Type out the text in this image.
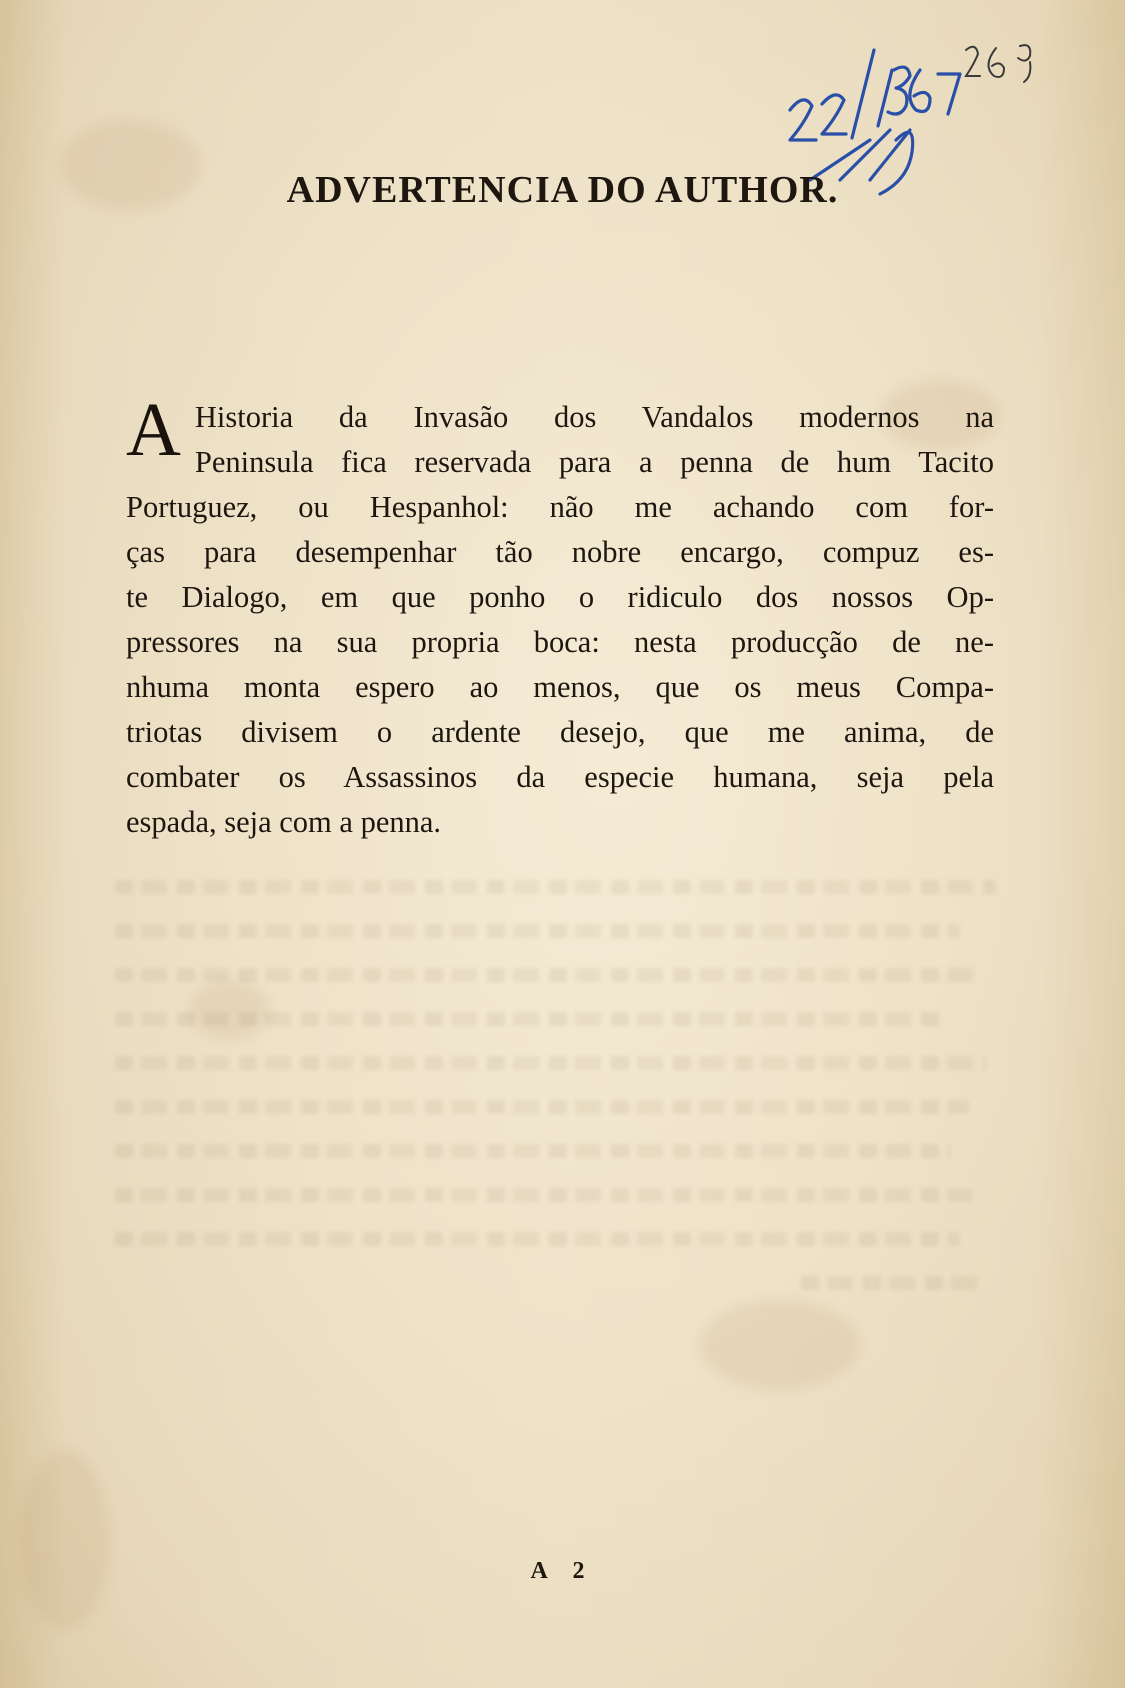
ADVERTENCIA DO AUTHOR.
A Historia da Invasão dos Vandalos modernos na
Peninsula fica reservada para a penna de hum Tacito
Portuguez, ou Hespanhol: não me achando com for-
ças para desempenhar tão nobre encargo, compuz es-
te Dialogo, em que ponho o ridiculo dos nossos Op-
pressores na sua propria boca: nesta producção de ne-
nhuma monta espero ao menos, que os meus Compa-
triotas divisem o ardente desejo, que me anima, de
combater os Assassinos da especie humana, seja pela
espada, seja com a penna.
A 2
